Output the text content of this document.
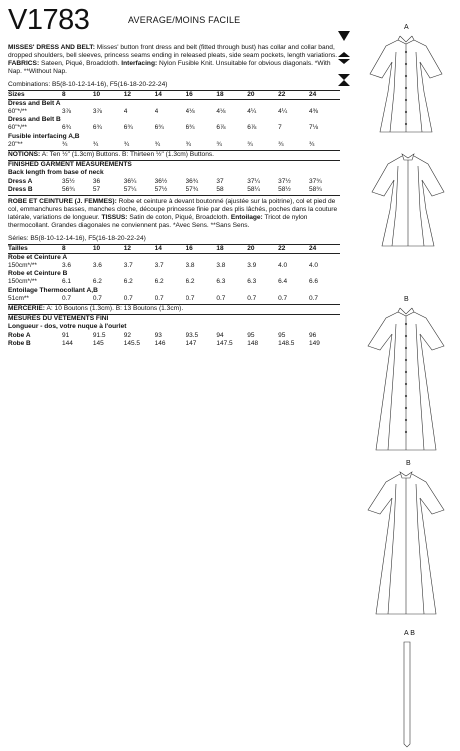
V1783	AVERAGE/MOINS FACILE

MISSES' DRESS AND BELT: Misses' button front dress and belt (fitted through bust) has collar and collar band, dropped shoulders, bell sleeves, princess seams ending in released pleats, side seam pockets, length variations. FABRICS: Sateen, Piqué, Broadcloth. Interfacing: Nylon Fusible Knit. Unsuitable for obvious diagonals. *With Nap. **Without Nap.

Combinations: B5(8-10-12-14-16), F5(16-18-20-22-24)
Sizes	8	10	12	14	16	18	20	22	24
Dress and Belt A									
60"*/**	3⅞	3⅞	4	4	4⅛	4⅛	4¼	4¼	4⅜
Dress and Belt B									
60"*/**	6¾	6¾	6¾	6¾	6¾	6⅞	6⅞	7	7⅛
Fusible interfacing A,B									
20"**	¾	¾	¾	¾	¾	¾	¾	¾	¾
NOTIONS: A: Ten ½" (1.3cm) Buttons. B: Thirteen ½" (1.3cm) Buttons.
FINISHED GARMENT MEASUREMENTS
Back length from base of neck
Dress A	35½	36	36¼	36½	36¾	37	37¼	37½	37¾
Dress B	56¾	57	57¼	57½	57¾	58	58¼	58½	58¾

ROBE ET CEINTURE (J. FEMMES): Robe et ceinture à devant boutonné (ajustée sur la poitrine), col et pied de col, emmanchures basses, manches cloche, découpe princesse finie par des plis lâchés, poches dans la couture latérale, variations de longueur. TISSUS: Satin de coton, Piqué, Broadcloth. Entoilage: Tricot de nylon thermocollant. Grandes diagonales ne conviennent pas. *Avec Sens. **Sans Sens.

Séries: B5(8-10-12-14-16), F5(16-18-20-22-24)
Tailles	8	10	12	14	16	18	20	22	24
Robe et Ceinture A									
150cm*/**	3.6	3.6	3.7	3.7	3.8	3.8	3.9	4.0	4.0
Robe et Ceinture B									
150cm*/**	6.1	6.2	6.2	6.2	6.2	6.3	6.3	6.4	6.6
Entoilage Thermocollant A,B									
51cm**	0.7	0.7	0.7	0.7	0.7	0.7	0.7	0.7	0.7
MERCERIE: A: 10 Boutons (1.3cm). B: 13 Boutons (1.3cm).
MESURES DU VÊTEMENTS FINI
Longueur - dos, votre nuque à l'ourlet
Robe A	91	91.5	92	93	93.5	94	95	95	96
Robe B	144	145	145.5	146	147	147.5	148	148.5	149

A
B
B
A B
